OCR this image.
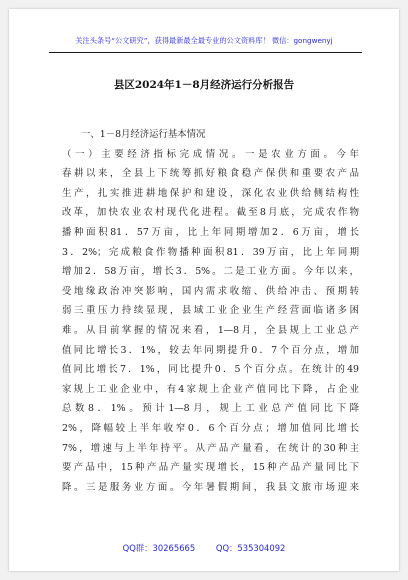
关注头条号“公文研究”，获得最新最全最专业的公文资料库！ 微信：gongwenyj
县区2024年1－8月经济运行分析报告
一、1－8月经济运行基本情况
（一）主要经济指标完成情况。一是农业方面。今年
春耕以来，全县上下统筹抓好粮食稳产保供和重要农产品
生产，扎实推进耕地保护和建设，深化农业供给侧结构性
改革，加快农业农村现代化进程。截至8月底，完成农作物
播种面积81．57万亩，比上年同期增加2．6万亩，增长
3．2%；完成粮食作物播种面积81．39万亩，比上年同期
增加2．58万亩，增长3．5%。二是工业方面。今年以来，
受地缘政治冲突影响，国内需求收缩、供给冲击、预期转
弱三重压力持续显现，县域工业企业生产经营面临诸多困
难。从目前掌握的情况来看，1—8月，全县规上工业总产
值同比增长3．1%，较去年同期提升0．7个百分点，增加
值同比增长7．1%，同比提升0．5个百分点。在统计的49
家规上工业企业中，有4家规上企业产值同比下降，占企业
总数8．1%。预计1—8月，规上工业总产值同比下降
2%，降幅较上半年收窄0．6个百分点；增加值同比增长
7%，增速与上半年持平。从产品产量看，在统计的30种主
要产品中，15种产品产量实现增长，15种产品产量同比下
降。三是服务业方面。今年暑假期间，我县文旅市场迎来
QQ群：30265665 QQ：535304092
